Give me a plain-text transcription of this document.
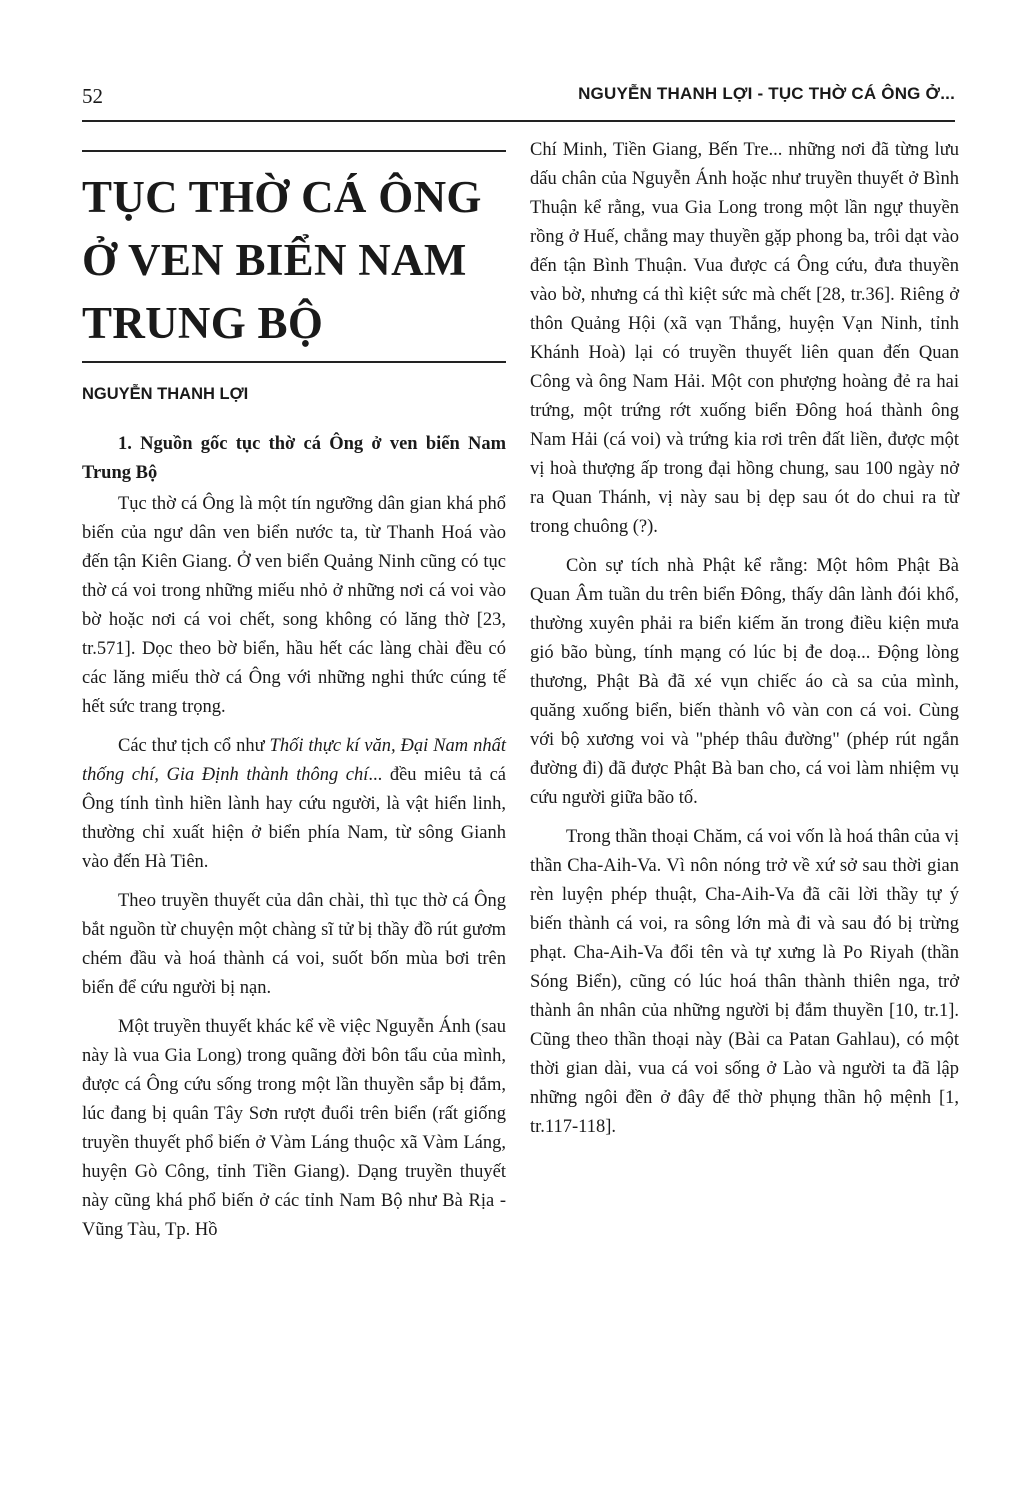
52	NGUYỄN THANH LỢI - TỤC THỜ CÁ ÔNG Ở...
TỤC THỜ CÁ ÔNG
Ở VEN BIỂN NAM
TRUNG BỘ
NGUYỄN THANH LỢI
1. Nguồn gốc tục thờ cá Ông ở ven biển Nam Trung Bộ

Tục thờ cá Ông là một tín ngưỡng dân gian khá phổ biến của ngư dân ven biển nước ta, từ Thanh Hoá vào đến tận Kiên Giang. Ở ven biển Quảng Ninh cũng có tục thờ cá voi trong những miếu nhỏ ở những nơi cá voi vào bờ hoặc nơi cá voi chết, song không có lăng thờ [23, tr.571]. Dọc theo bờ biển, hầu hết các làng chài đều có các lăng miếu thờ cá Ông với những nghi thức cúng tế hết sức trang trọng.

Các thư tịch cổ như Thối thực kí văn, Đại Nam nhất thống chí, Gia Định thành thông chí... đều miêu tả cá Ông tính tình hiền lành hay cứu người, là vật hiển linh, thường chỉ xuất hiện ở biển phía Nam, từ sông Gianh vào đến Hà Tiên.

Theo truyền thuyết của dân chài, thì tục thờ cá Ông bắt nguồn từ chuyện một chàng sĩ tử bị thầy đồ rút gươm chém đầu và hoá thành cá voi, suốt bốn mùa bơi trên biển để cứu người bị nạn.

Một truyền thuyết khác kể về việc Nguyễn Ánh (sau này là vua Gia Long) trong quãng đời bôn tẩu của mình, được cá Ông cứu sống trong một lần thuyền sắp bị đắm, lúc đang bị quân Tây Sơn rượt đuổi trên biển (rất giống truyền thuyết phổ biến ở Vàm Láng thuộc xã Vàm Láng, huyện Gò Công, tỉnh Tiền Giang). Dạng truyền thuyết này cũng khá phổ biến ở các tỉnh Nam Bộ như Bà Rịa - Vũng Tàu, Tp. Hồ

Chí Minh, Tiền Giang, Bến Tre... những nơi đã từng lưu dấu chân của Nguyễn Ánh hoặc như truyền thuyết ở Bình Thuận kể rằng, vua Gia Long trong một lần ngự thuyền rồng ở Huế, chẳng may thuyền gặp phong ba, trôi dạt vào đến tận Bình Thuận. Vua được cá Ông cứu, đưa thuyền vào bờ, nhưng cá thì kiệt sức mà chết [28, tr.36]. Riêng ở thôn Quảng Hội (xã vạn Thắng, huyện Vạn Ninh, tỉnh Khánh Hoà) lại có truyền thuyết liên quan đến Quan Công và ông Nam Hải. Một con phượng hoàng đẻ ra hai trứng, một trứng rớt xuống biển Đông hoá thành ông Nam Hải (cá voi) và trứng kia rơi trên đất liền, được một vị hoà thượng ấp trong đại hồng chung, sau 100 ngày nở ra Quan Thánh, vị này sau bị dẹp sau ót do chui ra từ trong chuông (?).

Còn sự tích nhà Phật kể rằng: Một hôm Phật Bà Quan Âm tuần du trên biển Đông, thấy dân lành đói khổ, thường xuyên phải ra biển kiếm ăn trong điều kiện mưa gió bão bùng, tính mạng có lúc bị đe doạ... Động lòng thương, Phật Bà đã xé vụn chiếc áo cà sa của mình, quăng xuống biển, biến thành vô vàn con cá voi. Cùng với bộ xương voi và "phép thâu đường" (phép rút ngắn đường đi) đã được Phật Bà ban cho, cá voi làm nhiệm vụ cứu người giữa bão tố.

Trong thần thoại Chăm, cá voi vốn là hoá thân của vị thần Cha-Aih-Va. Vì nôn nóng trở về xứ sở sau thời gian rèn luyện phép thuật, Cha-Aih-Va đã cãi lời thầy tự ý biến thành cá voi, ra sông lớn mà đi và sau đó bị trừng phạt. Cha-Aih-Va đổi tên và tự xưng là Po Riyah (thần Sóng Biển), cũng có lúc hoá thân thành thiên nga, trở thành ân nhân của những người bị đắm thuyền [10, tr.1]. Cũng theo thần thoại này (Bài ca Patan Gahlau), có một thời gian dài, vua cá voi sống ở Lào và người ta đã lập những ngôi đền ở đây để thờ phụng thần hộ mệnh [1, tr.117-118].
